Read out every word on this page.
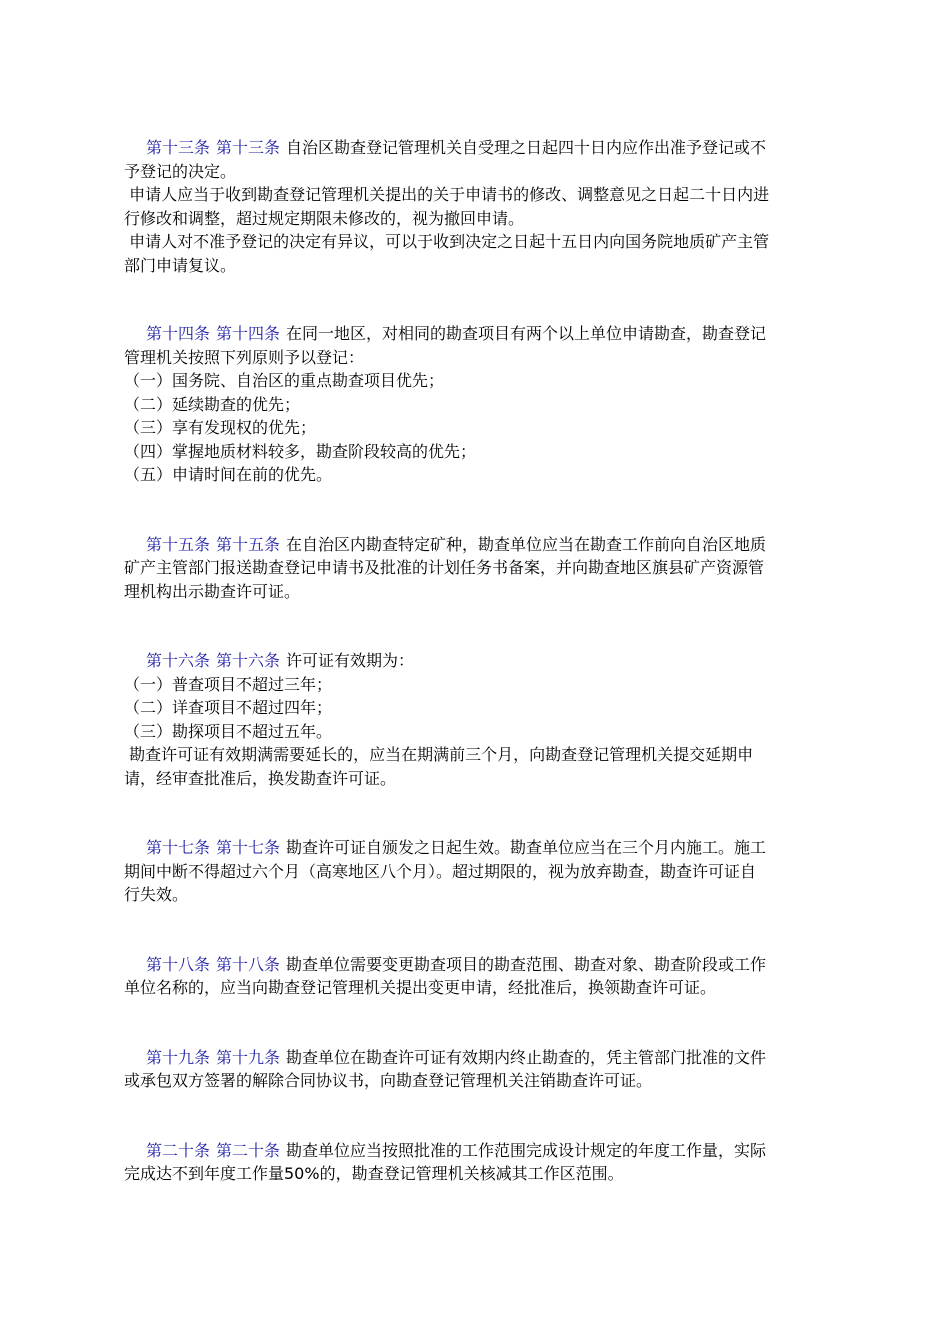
第十三条 第十三条 自治区勘查登记管理机关自受理之日起四十日内应作出准予登记或不
予登记的决定。
申请人应当于收到勘查登记管理机关提出的关于申请书的修改、调整意见之日起二十日内进
行修改和调整，超过规定期限未修改的，视为撤回申请。
申请人对不准予登记的决定有异议，可以于收到决定之日起十五日内向国务院地质矿产主管
部门申请复议。
第十四条 第十四条 在同一地区，对相同的勘查项目有两个以上单位申请勘查，勘查登记
管理机关按照下列原则予以登记：
（一）国务院、自治区的重点勘查项目优先；
（二）延续勘查的优先；
（三）享有发现权的优先；
（四）掌握地质材料较多，勘查阶段较高的优先；
（五）申请时间在前的优先。
第十五条 第十五条 在自治区内勘查特定矿种，勘查单位应当在勘查工作前向自治区地质
矿产主管部门报送勘查登记申请书及批准的计划任务书备案，并向勘查地区旗县矿产资源管
理机构出示勘查许可证。
第十六条 第十六条 许可证有效期为：
（一）普查项目不超过三年；
（二）详查项目不超过四年；
（三）勘探项目不超过五年。
勘查许可证有效期满需要延长的，应当在期满前三个月，向勘查登记管理机关提交延期申
请，经审查批准后，换发勘查许可证。
第十七条 第十七条 勘查许可证自颁发之日起生效。勘查单位应当在三个月内施工。施工
期间中断不得超过六个月（高寒地区八个月）。超过期限的，视为放弃勘查，勘查许可证自
行失效。
第十八条 第十八条 勘查单位需要变更勘查项目的勘查范围、勘查对象、勘查阶段或工作
单位名称的，应当向勘查登记管理机关提出变更申请，经批准后，换领勘查许可证。
第十九条 第十九条 勘查单位在勘查许可证有效期内终止勘查的，凭主管部门批准的文件
或承包双方签署的解除合同协议书，向勘查登记管理机关注销勘查许可证。
第二十条 第二十条 勘查单位应当按照批准的工作范围完成设计规定的年度工作量，实际
完成达不到年度工作量50%的，勘查登记管理机关核减其工作区范围。
